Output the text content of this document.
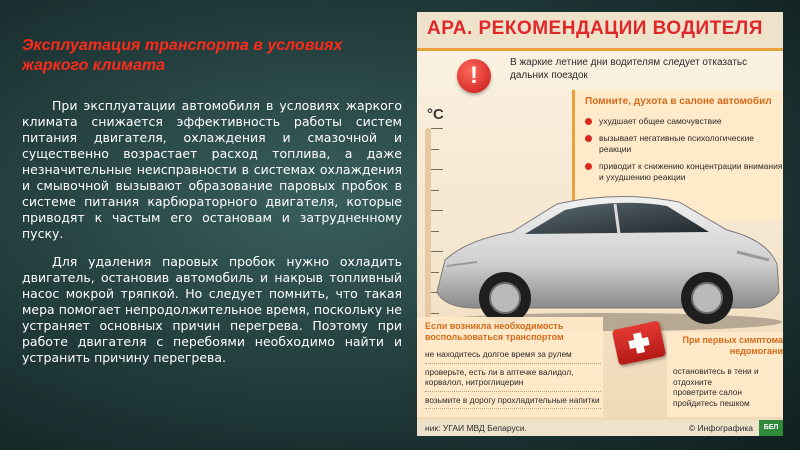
Эксплуатация транспорта в условиях жаркого климата

При эксплуатации автомобиля в условиях жаркого климата снижается эффективность работы систем питания двигателя, охлаждения и смазочной и существенно возрастает расход топлива, а даже незначительные неисправности в системах охлаждения и смывочной вызывают образование паровых пробок в системе питания карбюраторного двигателя, которые приводят к частым его остановам и затрудненному пуску.

Для удаления паровых пробок нужно охладить двигатель, остановив автомобиль и накрыв топливный насос мокрой тряпкой. Но следует помнить, что такая мера помогает непродолжительное время, поскольку не устраняет основных причин перегрева. Поэтому при работе двигателя с перебоями необходимо найти и устранить причину перегрева.

АРА. РЕКОМЕНДАЦИИ ВОДИТЕЛЯ
!	В жаркие летние дни водителям следует отказатьс дальних поездок
°C
Помните, духота в салоне автомобил
ухудшает общее самочувствие
вызывает негативные психологические реакции
приводит к снижению концентрации внимания и ухудшению реакции
Если возникла необходимость воспользоваться транспортом
не находитесь долгое время за рулем
проверьте, есть ли в аптечке валидол, корвалол, нитроглицерин
возьмите в дорогу прохладительные напитки
При первых симптома недомогани
остановитесь в тени и отдохните
проветрите салон
пройдитесь пешком
ник: УГАИ МВД Беларуси.	© Инфографика	БЕЛ
